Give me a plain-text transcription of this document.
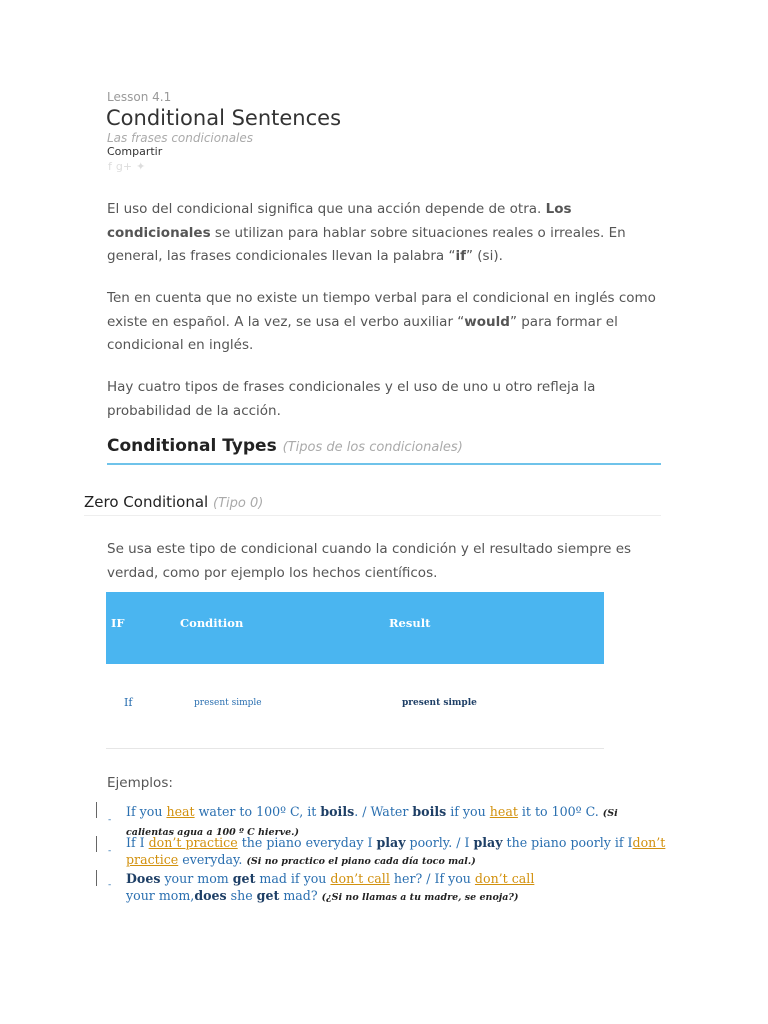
Lesson 4.1
Conditional Sentences
Las frases condicionales
Compartir
f g+ ✦
El uso del condicional significa que una acción depende de otra. Los
condicionales se utilizan para hablar sobre situaciones reales o irreales. En
general, las frases condicionales llevan la palabra “if” (si).
Ten en cuenta que no existe un tiempo verbal para el condicional en inglés como
existe en español. A la vez, se usa el verbo auxiliar “would” para formar el
condicional en inglés.
Hay cuatro tipos de frases condicionales y el uso de uno u otro refleja la
probabilidad de la acción.
Conditional Types (Tipos de los condicionales)
Zero Conditional (Tipo 0)
Se usa este tipo de condicional cuando la condición y el resultado siempre es
verdad, como por ejemplo los hechos científicos.
IF	Condition	Result
If	present simple	present simple
Ejemplos:
-
-
-
If you heat water to 100º C, it boils. / Water boils if you heat it to 100º C. (Si calientas agua a 100 º C hierve.)
If I don’t practice the piano everyday I play poorly. / I play the piano poorly if Idon’t practice everyday. (Si no practico el piano cada día toco mal.)
Does your mom get mad if you don’t call her? / If you don’t call your mom,does she get mad? (¿Si no llamas a tu madre, se enoja?)
